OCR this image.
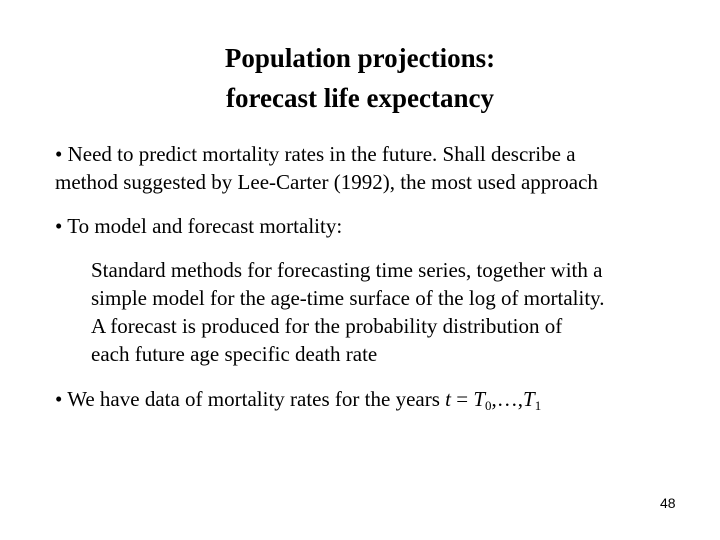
Population projections:
forecast life expectancy
• Need to predict mortality rates in the future. Shall describe a
method suggested by Lee-Carter (1992), the most used approach
• To model and forecast mortality:
Standard methods for forecasting time series, together with a
simple model for the age-time surface of the log of mortality.
A forecast is produced for the probability distribution of
each future age specific death rate
• We have data of mortality rates for the years $t = T_0,\dots,T_1$
48
